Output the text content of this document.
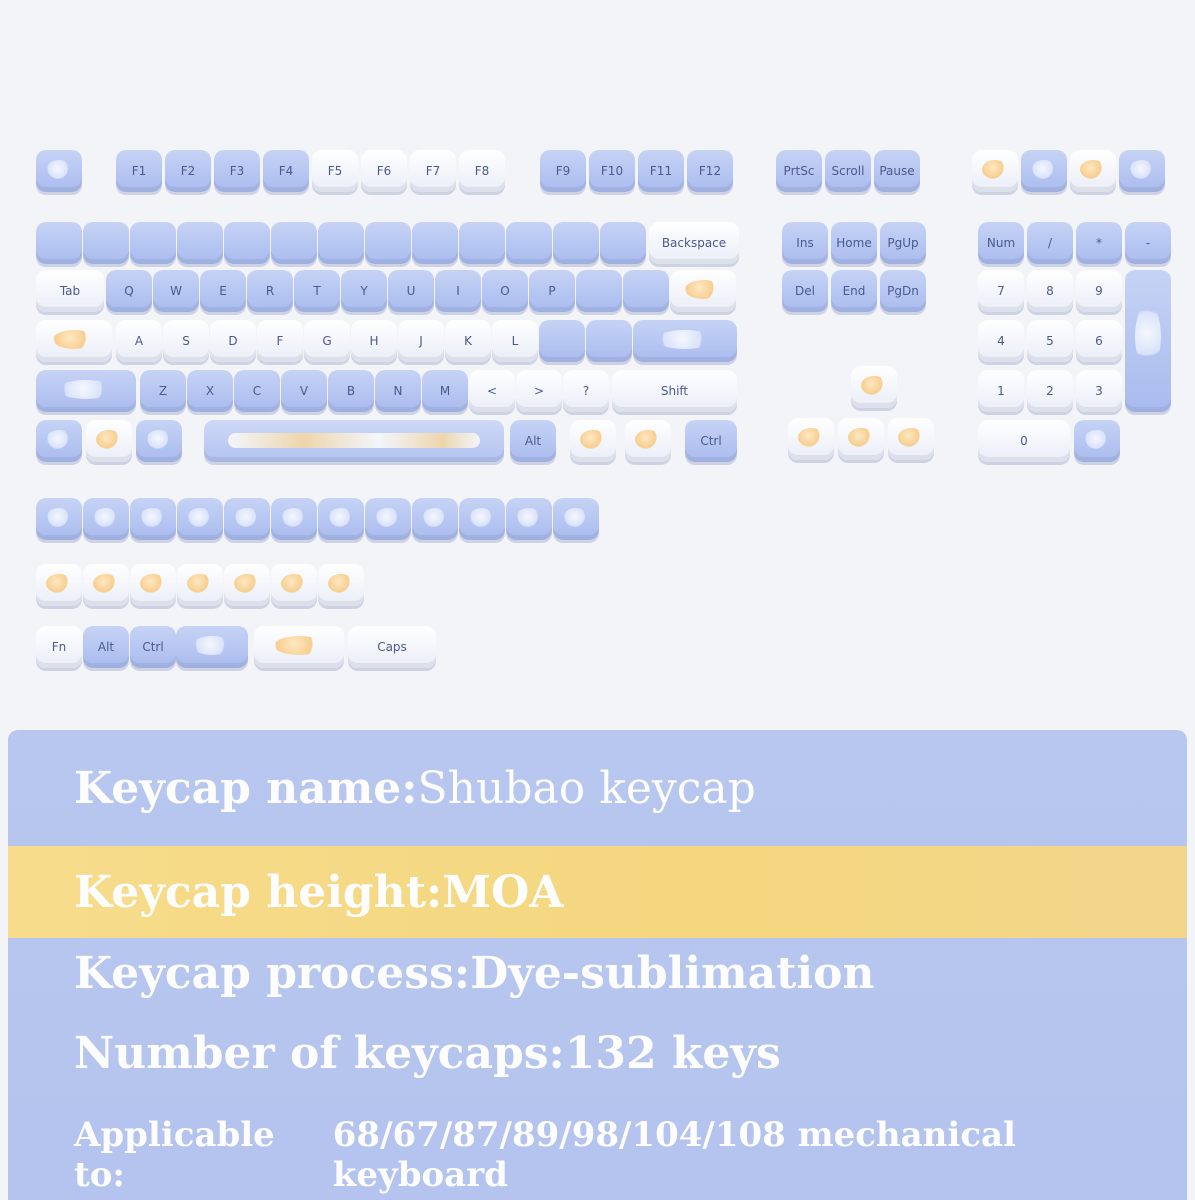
F1	F2	F3	F4	F5	F6	F7	F8	F9	F10 F11 F12	PrtSc Scroll Pause
Backspace	Ins Home PgUp	Num	/	*	-
Tab	Q	W	E	R	T	Y	U	I	O	P	Del End PgDn	7	8	9
A	S	D	F	G	H	J	K	L	4	5	6
Z	X	C	V	B	N	M	<	>	?	Shift	1	2	3
Alt	Ctrl	0
Fn	Alt Ctrl	Caps
Keycap name: Shubao keycap
Keycap height: MOA
Keycap process: Dye-sublimation
Number of keycaps: 132 keys
Applicable to:
68/67/87/89/98/104/108 mechanical keyboard
